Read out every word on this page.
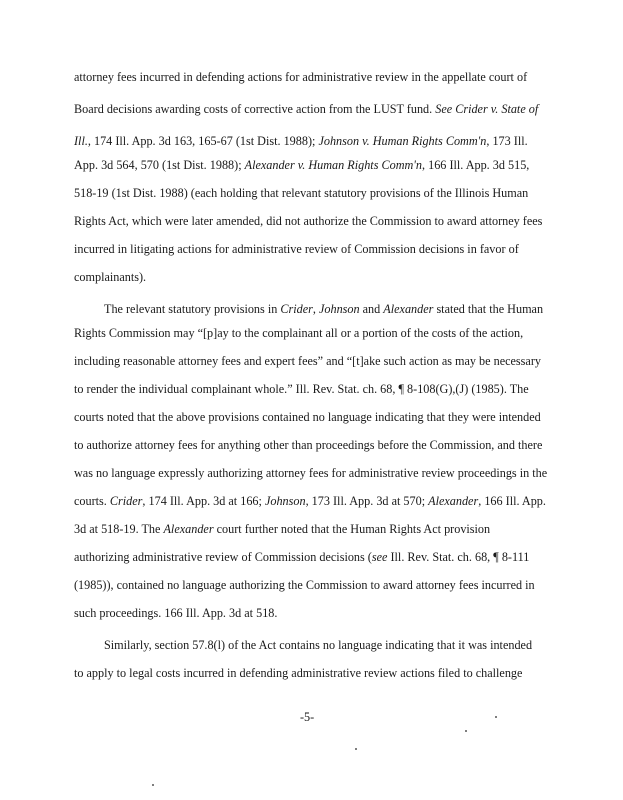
attorney fees incurred in defending actions for administrative review in the appellate court of
Board decisions awarding costs of corrective action from the LUST fund. See Crider v. State of
Ill., 174 Ill. App. 3d 163, 165-67 (1st Dist. 1988); Johnson v. Human Rights Comm'n, 173 Ill.
App. 3d 564, 570 (1st Dist. 1988); Alexander v. Human Rights Comm'n, 166 Ill. App. 3d 515,
518-19 (1st Dist. 1988) (each holding that relevant statutory provisions of the Illinois Human
Rights Act, which were later amended, did not authorize the Commission to award attorney fees
incurred in litigating actions for administrative review of Commission decisions in favor of
complainants).
The relevant statutory provisions in Crider, Johnson and Alexander stated that the Human
Rights Commission may “[p]ay to the complainant all or a portion of the costs of the action,
including reasonable attorney fees and expert fees” and “[t]ake such action as may be necessary
to render the individual complainant whole.” Ill. Rev. Stat. ch. 68, ¶ 8-108(G),(J) (1985). The
courts noted that the above provisions contained no language indicating that they were intended
to authorize attorney fees for anything other than proceedings before the Commission, and there
was no language expressly authorizing attorney fees for administrative review proceedings in the
courts. Crider, 174 Ill. App. 3d at 166; Johnson, 173 Ill. App. 3d at 570; Alexander, 166 Ill. App.
3d at 518-19. The Alexander court further noted that the Human Rights Act provision
authorizing administrative review of Commission decisions (see Ill. Rev. Stat. ch. 68, ¶ 8-111
(1985)), contained no language authorizing the Commission to award attorney fees incurred in
such proceedings. 166 Ill. App. 3d at 518.
Similarly, section 57.8(l) of the Act contains no language indicating that it was intended
to apply to legal costs incurred in defending administrative review actions filed to challenge
-5-
